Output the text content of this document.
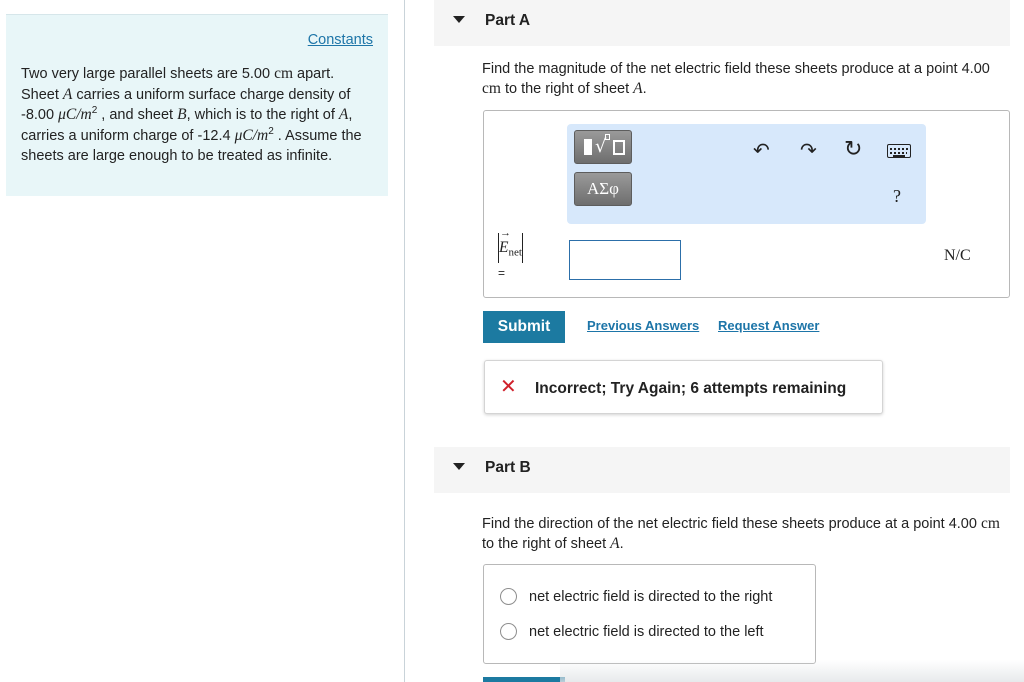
Constants

Two very large parallel sheets are 5.00 cm apart. Sheet A carries a uniform surface charge density of -8.00 $\mu C/m^2$ , and sheet B, which is to the right of A, carries a uniform charge of -12.4 $\mu C/m^2$ . Assume the sheets are large enough to be treated as infinite.

Part A
Find the magnitude of the net electric field these sheets produce at a point 4.00 cm to the right of sheet A.
√
ΑΣφ
↶ ↷ ↻
?
→ $E_{net}$
=
N/C
Submit	Previous Answers Request Answer
✕ Incorrect; Try Again; 6 attempts remaining
Part B
Find the direction of the net electric field these sheets produce at a point 4.00 cm to the right of sheet A.
net electric field is directed to the right
net electric field is directed to the left
